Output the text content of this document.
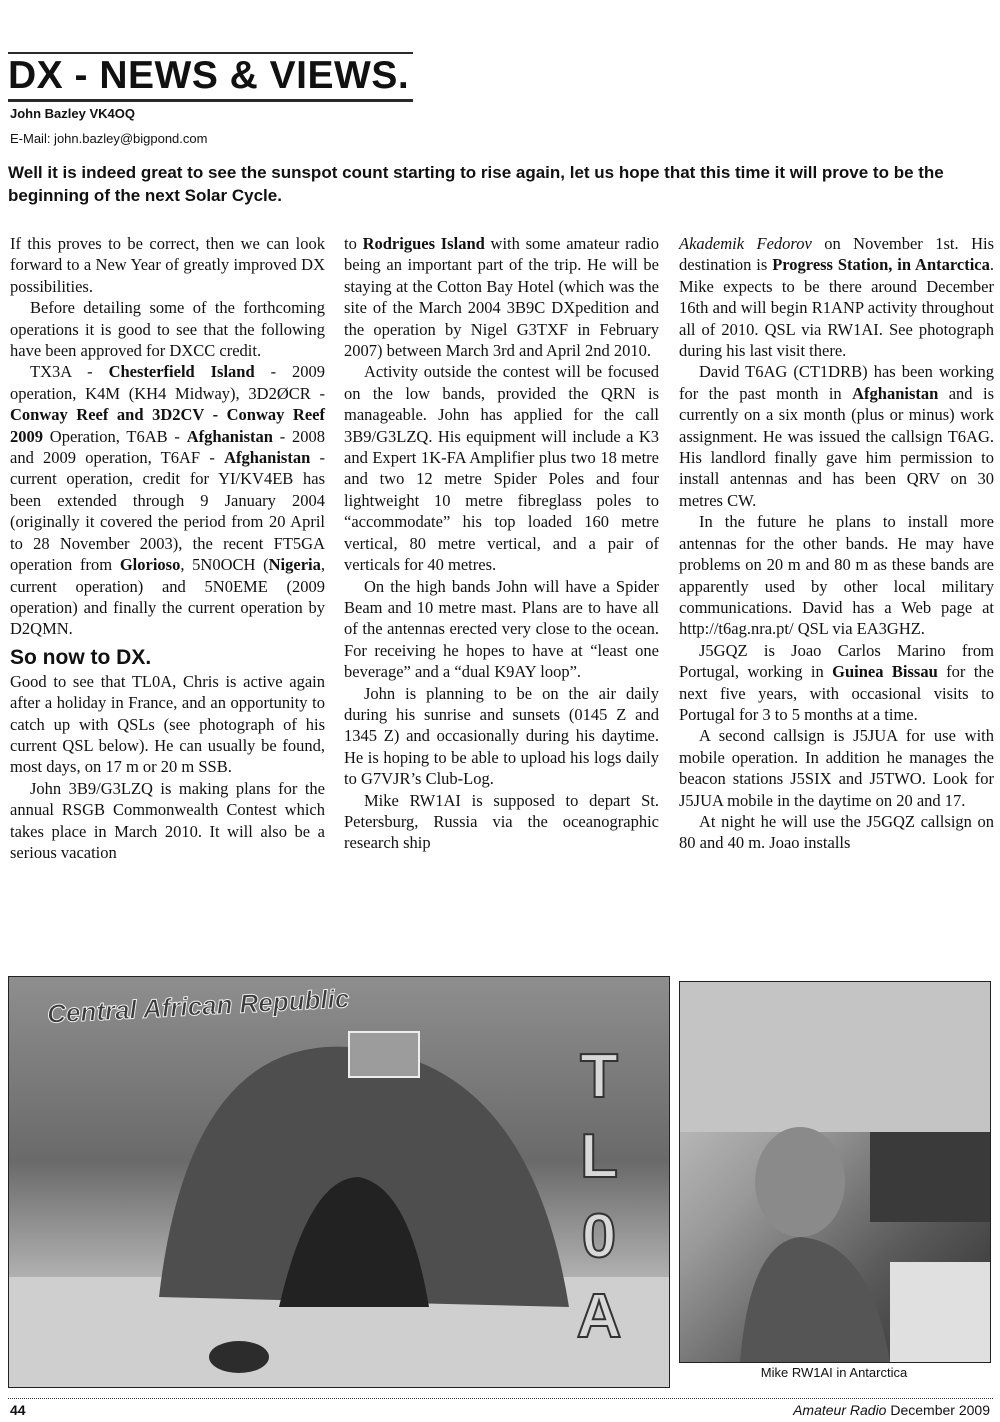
DX - NEWS & VIEWS.
John Bazley VK4OQ
E-Mail: john.bazley@bigpond.com

Well it is indeed great to see the sunspot count starting to rise again, let us hope that this time it will prove to be the beginning of the next Solar Cycle.

If this proves to be correct, then we can look forward to a New Year of greatly improved DX possibilities.

Before detailing some of the forthcoming operations it is good to see that the following have been approved for DXCC credit.

TX3A - Chesterfield Island - 2009 operation, K4M (KH4 Midway), 3D2ØCR - Conway Reef and 3D2CV - Conway Reef 2009 Operation, T6AB - Afghanistan - 2008 and 2009 operation, T6AF - Afghanistan - current operation, credit for YI/KV4EB has been extended through 9 January 2004 (originally it covered the period from 20 April to 28 November 2003), the recent FT5GA operation from Glorioso, 5N0OCH (Nigeria, current operation) and 5N0EME (2009 operation) and finally the current operation by D2QMN.

So now to DX.

Good to see that TL0A, Chris is active again after a holiday in France, and an opportunity to catch up with QSLs (see photograph of his current QSL below). He can usually be found, most days, on 17 m or 20 m SSB.

John 3B9/G3LZQ is making plans for the annual RSGB Commonwealth Contest which takes place in March 2010. It will also be a serious vacation

to Rodrigues Island with some amateur radio being an important part of the trip. He will be staying at the Cotton Bay Hotel (which was the site of the March 2004 3B9C DXpedition and the operation by Nigel G3TXF in February 2007) between March 3rd and April 2nd 2010.

Activity outside the contest will be focused on the low bands, provided the QRN is manageable. John has applied for the call 3B9/G3LZQ. His equipment will include a K3 and Expert 1K-FA Amplifier plus two 18 metre and two 12 metre Spider Poles and four lightweight 10 metre fibreglass poles to “accommodate” his top loaded 160 metre vertical, 80 metre vertical, and a pair of verticals for 40 metres.

On the high bands John will have a Spider Beam and 10 metre mast. Plans are to have all of the antennas erected very close to the ocean. For receiving he hopes to have at “least one beverage” and a “dual K9AY loop”.

John is planning to be on the air daily during his sunrise and sunsets (0145 Z and 1345 Z) and occasionally during his daytime. He is hoping to be able to upload his logs daily to G7VJR’s Club-Log.

Mike RW1AI is supposed to depart St. Petersburg, Russia via the oceanographic research ship

Akademik Fedorov on November 1st. His destination is Progress Station, in Antarctica. Mike expects to be there around December 16th and will begin R1ANP activity throughout all of 2010. QSL via RW1AI. See photograph during his last visit there.

David T6AG (CT1DRB) has been working for the past month in Afghanistan and is currently on a six month (plus or minus) work assignment. He was issued the callsign T6AG. His landlord finally gave him permission to install antennas and has been QRV on 30 metres CW.

In the future he plans to install more antennas for the other bands. He may have problems on 20 m and 80 m as these bands are apparently used by other local military communications. David has a Web page at http://t6ag.nra.pt/ QSL via EA3GHZ.

J5GQZ is Joao Carlos Marino from Portugal, working in Guinea Bissau for the next five years, with occasional visits to Portugal for 3 to 5 months at a time.

A second callsign is J5JUA for use with mobile operation. In addition he manages the beacon stations J5SIX and J5TWO. Look for J5JUA mobile in the daytime on 20 and 17.

At night he will use the J5GQZ callsign on 80 and 40 m. Joao installs

Central African Republic
T
L
0
A
Mike RW1AI in Antarctica
44	Amateur Radio December 2009
